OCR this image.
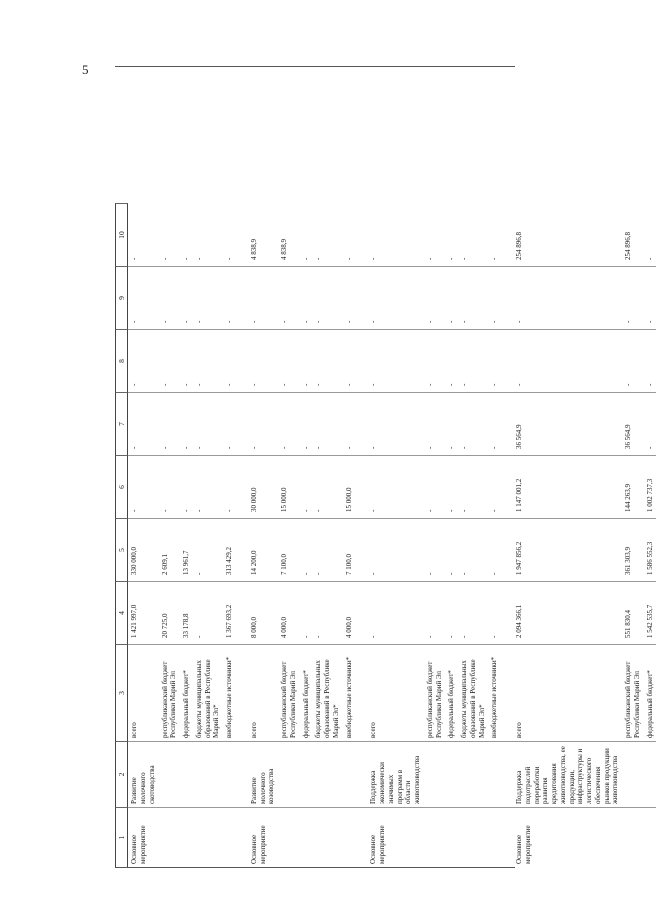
5
1
2
3
4
5
6
7
8
9
10
Основное мероприятие
Развитие молочного скотоводства
всего
1 421 997,0
330 000,0
-
-
-
-
-
республиканский бюджет Республики Марий Эл
20 725,0
2 609,1
-
-
-
-
-
федеральный бюджет*
33 178,8
13 961,7
-
-
-
-
-
бюджеты муниципальных образований в Республике Марий Эл*
-
-
-
-
-
-
-
внебюджетные источники*
1 367 693,2
313 429,2
-
-
-
-
-
Основное мероприятие
Развитие молочного козоводства
всего
8 000,0
14 200,0
30 000,0
-
-
-
4 838,9
республиканский бюджет Республики Марий Эл
4 000,0
7 100,0
15 000,0
-
-
-
4 838,9
федеральный бюджет*
-
-
-
-
-
-
-
бюджеты муниципальных образований в Республике Марий Эл*
-
-
-
-
-
-
-
внебюджетные источники*
4 000,0
7 100,0
15 000,0
-
-
-
-
Основное мероприятие
Поддержка экономически значимых программ в области животноводства
всего
-
-
-
-
-
-
-
республиканский бюджет Республики Марий Эл
-
-
-
-
-
-
-
федеральный бюджет*
-
-
-
-
-
-
-
бюджеты муниципальных образований в Республике Марий Эл*
-
-
-
-
-
-
-
внебюджетные источники*
-
-
-
-
-
-
-
Основное мероприятие
Поддержка подотраслей переработки развития кредитования животноводства, ее продукции, инфраструктуры и логистического обеспечения рынков продукции животноводства
всего
2 094 366,1
1 947 856,2
1 147 001,2
36 564,9
-
-
254 896,8
республиканский бюджет Республики Марий Эл
551 830,4
361 303,9
144 263,9
36 564,9
-
-
254 896,8
федеральный бюджет*
1 542 535,7
1 586 552,3
1 002 737,3
-
-
-
-
